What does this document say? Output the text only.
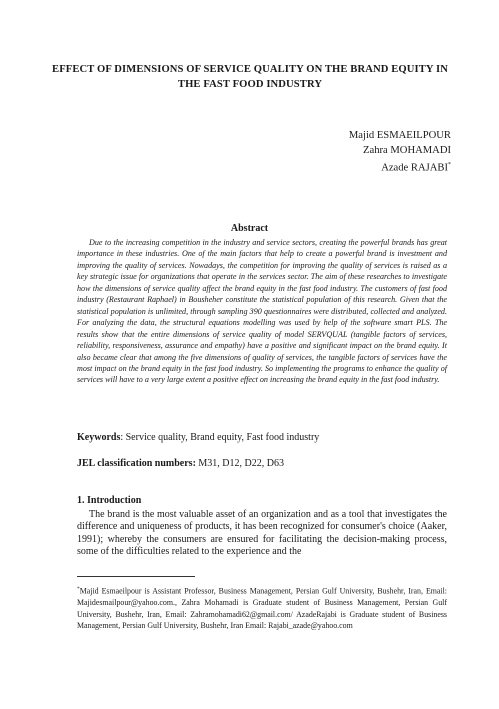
EFFECT OF DIMENSIONS OF SERVICE QUALITY ON THE BRAND EQUITY IN THE FAST FOOD INDUSTRY
Majid ESMAEILPOUR
Zahra MOHAMADI
Azade RAJABI*
Abstract
Due to the increasing competition in the industry and service sectors, creating the powerful brands has great importance in these industries. One of the main factors that help to create a powerful brand is investment and improving the quality of services. Nowadays, the competition for improving the quality of services is raised as a key strategic issue for organizations that operate in the services sector. The aim of these researches to investigate how the dimensions of service quality affect the brand equity in the fast food industry. The customers of fast food industry (Restaurant Raphael) in Bousheher constitute the statistical population of this research. Given that the statistical population is unlimited, through sampling 390 questionnaires were distributed, collected and analyzed. For analyzing the data, the structural equations modelling was used by help of the software smart PLS. The results show that the entire dimensions of service quality of model SERVQUAL (tangible factors of services, reliability, responsiveness, assurance and empathy) have a positive and significant impact on the brand equity. It also became clear that among the five dimensions of quality of services, the tangible factors of services have the most impact on the brand equity in the fast food industry. So implementing the programs to enhance the quality of services will have to a very large extent a positive effect on increasing the brand equity in the fast food industry.
Keywords: Service quality, Brand equity, Fast food industry
JEL classification numbers: M31, D12, D22, D63
1. Introduction
The brand is the most valuable asset of an organization and as a tool that investigates the difference and uniqueness of products, it has been recognized for consumer's choice (Aaker, 1991); whereby the consumers are ensured for facilitating the decision-making process, some of the difficulties related to the experience and the
*Majid Esmaeilpour is Assistant Professor, Business Management, Persian Gulf University, Bushehr, Iran, Email: Majidesmailpour@yahoo.com., Zahra Mohamadi is Graduate student of Business Management, Persian Gulf University, Bushehr, Iran, Email: Zahramohamadi62@gmail.com/ AzadeRajabi is Graduate student of Business Management, Persian Gulf University, Bushehr, Iran Email: Rajabi_azade@yahoo.com
